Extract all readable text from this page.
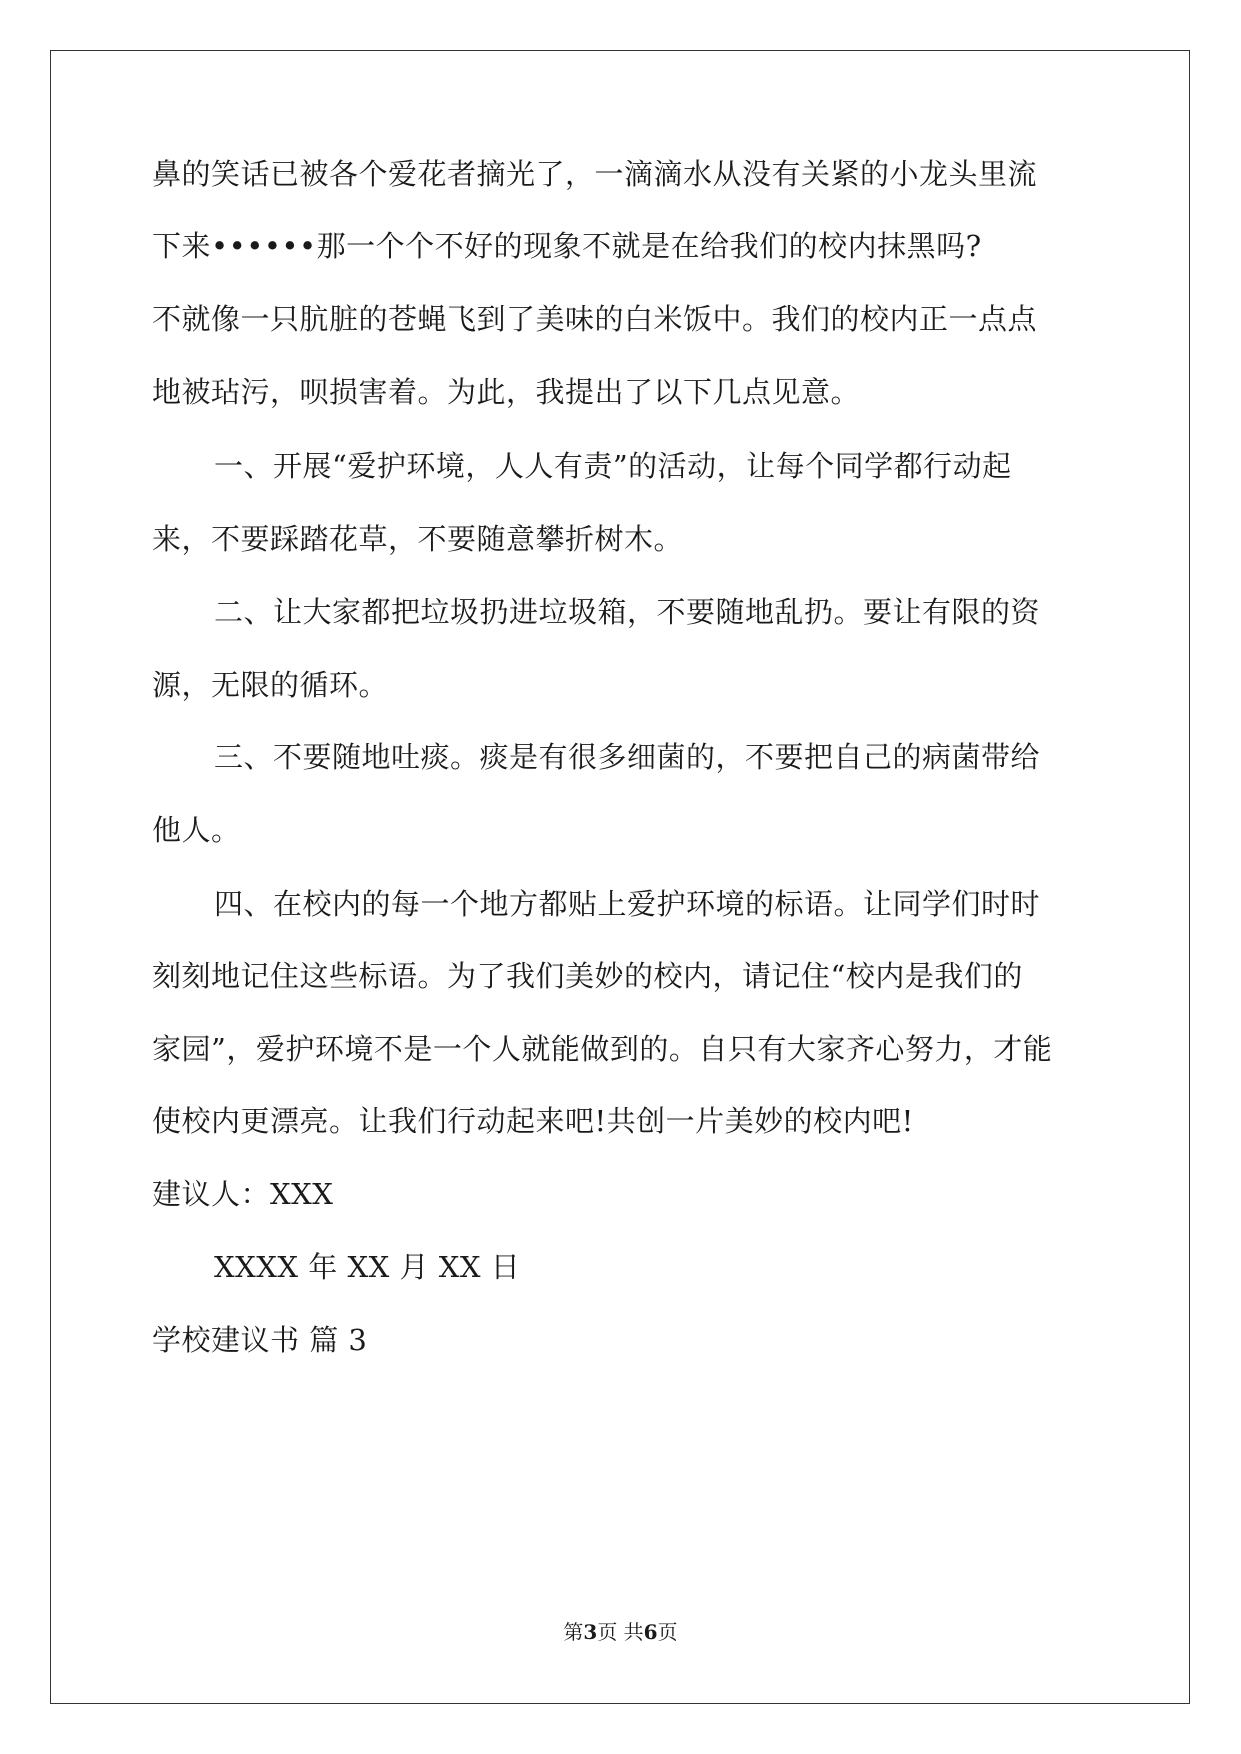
鼻的笑话已被各个爱花者摘光了，一滴滴水从没有关紧的小龙头里流
下来••••••那一个个不好的现象不就是在给我们的校内抹黑吗?
不就像一只肮脏的苍蝇飞到了美味的白米饭中。我们的校内正一点点
地被玷污，呗损害着。为此，我提出了以下几点见意。
一、开展“爱护环境，人人有责”的活动，让每个同学都行动起
来，不要踩踏花草，不要随意攀折树木。
二、让大家都把垃圾扔进垃圾箱，不要随地乱扔。要让有限的资
源，无限的循环。
三、不要随地吐痰。痰是有很多细菌的，不要把自己的病菌带给
他人。
四、在校内的每一个地方都贴上爱护环境的标语。让同学们时时
刻刻地记住这些标语。为了我们美妙的校内，请记住“校内是我们的
家园”，爱护环境不是一个人就能做到的。自只有大家齐心努力，才能
使校内更漂亮。让我们行动起来吧!共创一片美妙的校内吧!
建议人：XXX
XXXX 年 XX 月 XX 日
学校建议书 篇 3
第3页 共6页
